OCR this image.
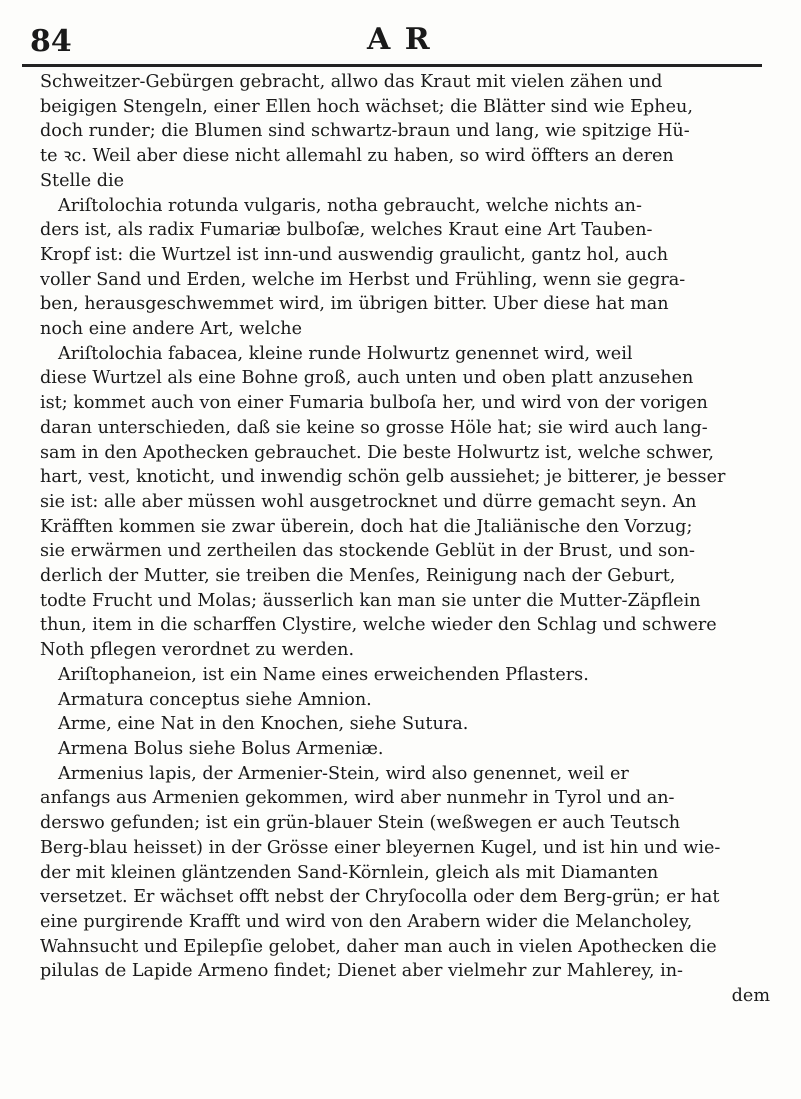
84	A R
Schweitzer-Gebürgen gebracht, allwo das Kraut mit vielen zähen und
beigigen Stengeln, einer Ellen hoch wächset; die Blätter sind wie Epheu,
doch runder; die Blumen sind schwartz-braun und lang, wie spitzige Hü-
te ꝛc. Weil aber diese nicht allemahl zu haben, so wird öffters an deren
Stelle die
Ariſtolochia rotunda vulgaris, notha gebraucht, welche nichts an-
ders ist, als radix Fumariæ bulboſæ, welches Kraut eine Art Tauben-
Kropf ist: die Wurtzel ist inn-und auswendig graulicht, gantz hol, auch
voller Sand und Erden, welche im Herbst und Frühling, wenn sie gegra-
ben, herausgeschwemmet wird, im übrigen bitter. Uber diese hat man
noch eine andere Art, welche
Ariſtolochia fabacea, kleine runde Holwurtz genennet wird, weil
diese Wurtzel als eine Bohne groß, auch unten und oben platt anzusehen
ist; kommet auch von einer Fumaria bulboſa her, und wird von der vorigen
daran unterschieden, daß sie keine so grosse Höle hat; sie wird auch lang-
sam in den Apothecken gebrauchet. Die beste Holwurtz ist, welche schwer,
hart, vest, knoticht, und inwendig schön gelb aussiehet; je bitterer, je besser
sie ist: alle aber müssen wohl ausgetrocknet und dürre gemacht seyn. An
Kräfften kommen sie zwar überein, doch hat die Jtaliänische den Vorzug;
sie erwärmen und zertheilen das stockende Geblüt in der Brust, und son-
derlich der Mutter, sie treiben die Menſes, Reinigung nach der Geburt,
todte Frucht und Molas; äusserlich kan man sie unter die Mutter-Zäpflein
thun, item in die scharffen Clystire, welche wieder den Schlag und schwere
Noth pflegen verordnet zu werden.
Ariſtophaneion, ist ein Name eines erweichenden Pflasters.
Armatura conceptus siehe Amnion.
Arme, eine Nat in den Knochen, siehe Sutura.
Armena Bolus siehe Bolus Armeniæ.
Armenius lapis, der Armenier-Stein, wird also genennet, weil er
anfangs aus Armenien gekommen, wird aber nunmehr in Tyrol und an-
derswo gefunden; ist ein grün-blauer Stein (weßwegen er auch Teutsch
Berg-blau heisset) in der Grösse einer bleyernen Kugel, und ist hin und wie-
der mit kleinen gläntzenden Sand-Körnlein, gleich als mit Diamanten
versetzet. Er wächset offt nebst der Chryſocolla oder dem Berg-grün; er hat
eine purgirende Krafft und wird von den Arabern wider die Melancholey,
Wahnsucht und Epilepſie gelobet, daher man auch in vielen Apothecken die
pilulas de Lapide Armeno findet; Dienet aber vielmehr zur Mahlerey, in-
dem
